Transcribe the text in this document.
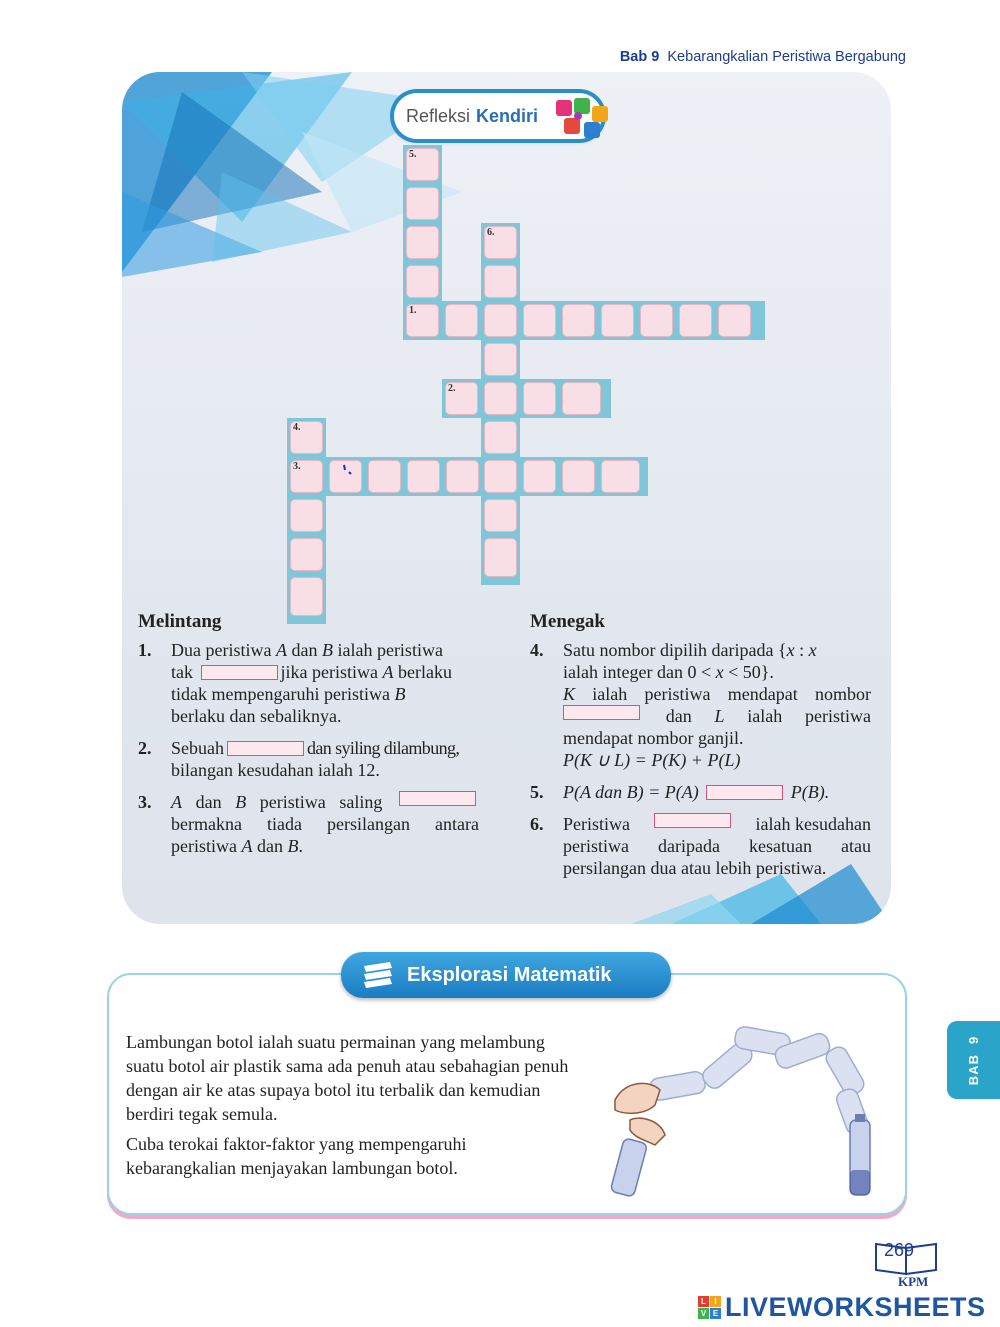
Bab 9 Kebarangkalian Peristiwa Bergabung
Refleksi Kendiri
5.
1.
6.
2.
4.
3.
Melintang
1. Dua peristiwa A dan B ialah peristiwa
tak	jika peristiwa A berlaku
tidak mempengaruhi peristiwa B
berlaku dan sebaliknya.
2. Sebuah	dan syiling dilambung,
bilangan kesudahan ialah 12.
3. A dan B peristiwa saling
bermakna tiada persilangan antara
peristiwa A dan B.
Menegak
4. Satu nombor dipilih daripada {x : x
ialah integer dan 0 < x < 50}.
K ialah peristiwa mendapat nombor
dan L ialah peristiwa
mendapat nombor ganjil.
P(K ∪ L) = P(K) + P(L)
5. P(A dan B) = P(A)	P(B).
6. Peristiwa	ialah kesudahan
peristiwa daripada kesatuan atau
persilangan dua atau lebih peristiwa.
Eksplorasi Matematik

Lambungan botol ialah suatu permainan yang melambung suatu botol air plastik sama ada penuh atau sebahagian penuh dengan air ke atas supaya botol itu terbalik dan kemudian berdiri tegak semula.

Cuba terokai faktor-faktor yang mempengaruhi kebarangkalian menjayakan lambungan botol.

BAB9
269
KPM
L	I
V E LIVEWORKSHEETS
